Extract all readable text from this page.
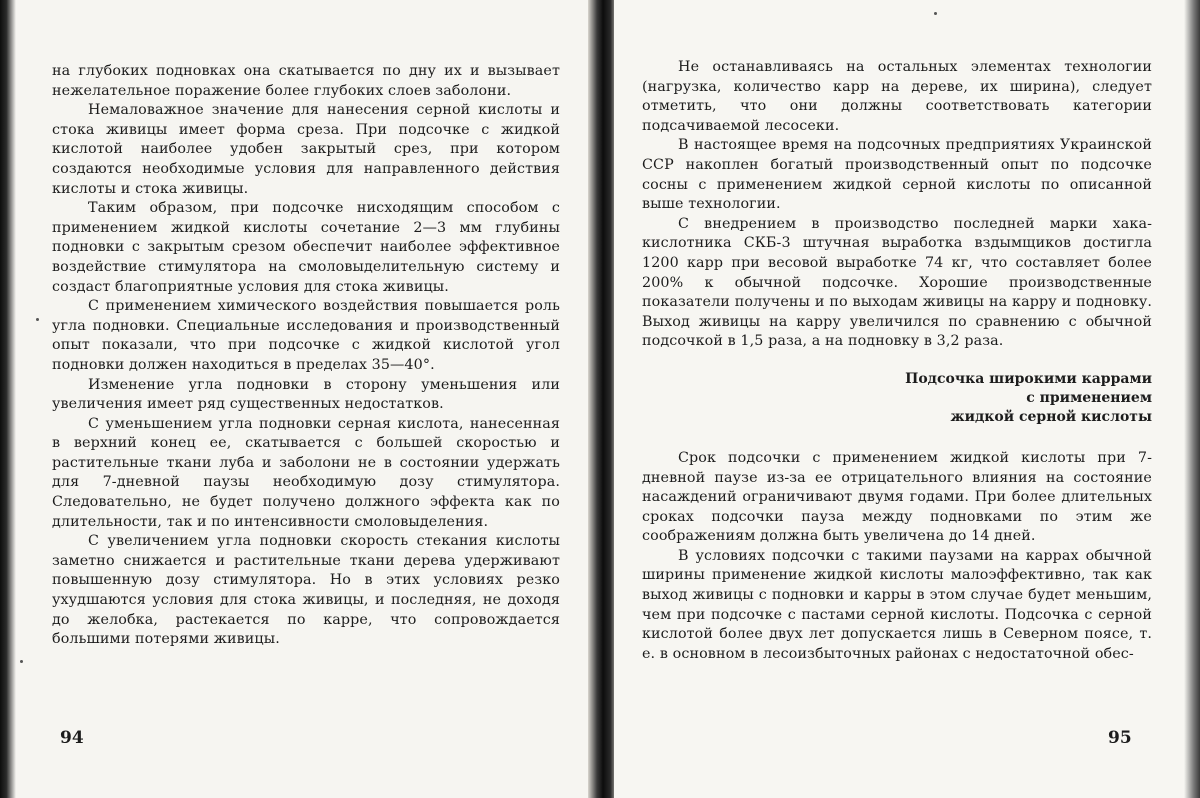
на глубоких подновках она скатывается по дну их и вызывает нежелательное поражение более глубоких слоев заболони.

Немаловажное значение для нанесения серной кислоты и стока живицы имеет форма среза. При подсочке с жидкой кислотой наиболее удобен закрытый срез, при котором создаются необходимые условия для направленного действия кислоты и стока живицы.

Таким образом, при подсочке нисходящим способом с применением жидкой кислоты сочетание 2—3 мм глубины подновки с закрытым срезом обеспечит наиболее эффективное воздействие стимулятора на смоловыделительную систему и создаст благоприятные условия для стока живицы.

С применением химического воздействия повышается роль угла подновки. Специальные исследования и производственный опыт показали, что при подсочке с жидкой кислотой угол подновки должен находиться в пределах 35—40°.

Изменение угла подновки в сторону уменьшения или увеличения имеет ряд существенных недостатков.

С уменьшением угла подновки серная кислота, нанесенная в верхний конец ее, скатывается с большей скоростью и растительные ткани луба и заболони не в состоянии удержать для 7-дневной паузы необходимую дозу стимулятора. Следовательно, не будет получено должного эффекта как по длительности, так и по интенсивности смоловыделения.

С увеличением угла подновки скорость стекания кислоты заметно снижается и растительные ткани дерева удерживают повышенную дозу стимулятора. Но в этих условиях резко ухудшаются условия для стока живицы, и последняя, не доходя до желобка, растекается по карре, что сопровождается большими потерями живицы.

94

Не останавливаясь на остальных элементах технологии (нагрузка, количество карр на дереве, их ширина), следует отметить, что они должны соответствовать категории подсачиваемой лесосеки.

В настоящее время на подсочных предприятиях Украинской ССР накоплен богатый производственный опыт по подсочке сосны с применением жидкой серной кислоты по описанной выше технологии.

С внедрением в производство последней марки хака-кислотника СКБ-3 штучная выработка вздымщиков достигла 1200 карр при весовой выработке 74 кг, что составляет более 200% к обычной подсочке. Хорошие производственные показатели получены и по выходам живицы на карру и подновку. Выход живицы на карру увеличился по сравнению с обычной подсочкой в 1,5 раза, а на подновку в 3,2 раза.

Подсочка широкими каррами
с применением
жидкой серной кислоты

Срок подсочки с применением жидкой кислоты при 7-дневной паузе из-за ее отрицательного влияния на состояние насаждений ограничивают двумя годами. При более длительных сроках подсочки пауза между подновками по этим же соображениям должна быть увеличена до 14 дней.

В условиях подсочки с такими паузами на каррах обычной ширины применение жидкой кислоты малоэффективно, так как выход живицы с подновки и карры в этом случае будет меньшим, чем при подсочке с пастами серной кислоты. Подсочка с серной кислотой более двух лет допускается лишь в Северном поясе, т. е. в основном в лесоизбыточных районах с недостаточной обес-

95
